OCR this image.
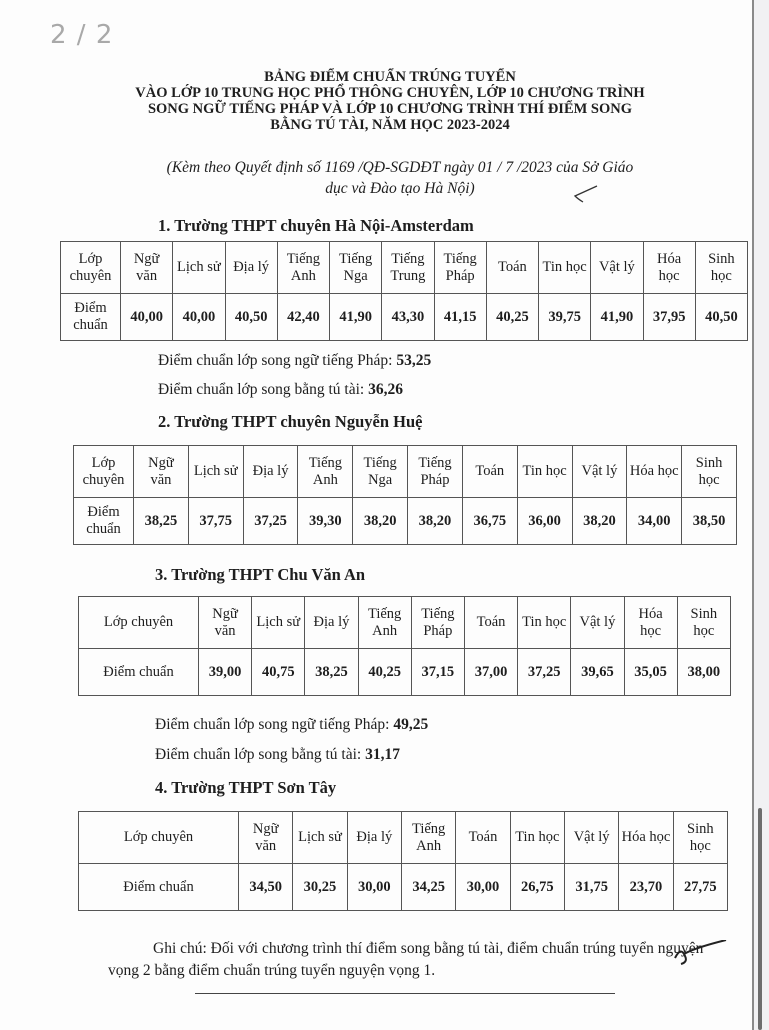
2 / 2
BẢNG ĐIỂM CHUẨN TRÚNG TUYỂN
VÀO LỚP 10 TRUNG HỌC PHỔ THÔNG CHUYÊN, LỚP 10 CHƯƠNG TRÌNH
SONG NGỮ TIẾNG PHÁP VÀ LỚP 10 CHƯƠNG TRÌNH THÍ ĐIỂM SONG
BẰNG TÚ TÀI, NĂM HỌC 2023-2024
(Kèm theo Quyết định số 1169 /QĐ-SGDĐT ngày 01 / 7 /2023 của Sở Giáo
dục và Đào tạo Hà Nội)
1. Trường THPT chuyên Hà Nội-Amsterdam
Lớp chuyên	Ngữ văn	Lịch sử	Địa lý	Tiếng Anh	Tiếng Nga	Tiếng Trung	Tiếng Pháp	Toán	Tin học	Vật lý	Hóa học	Sinh học
Điểm chuẩn	40,00	40,00	40,50	42,40	41,90	43,30	41,15	40,25	39,75	41,90	37,95	40,50
Điểm chuẩn lớp song ngữ tiếng Pháp: 53,25
Điểm chuẩn lớp song bằng tú tài: 36,26
2. Trường THPT chuyên Nguyễn Huệ
Lớp chuyên	Ngữ văn	Lịch sử	Địa lý	Tiếng Anh	Tiếng Nga	Tiếng Pháp	Toán	Tin học	Vật lý	Hóa học	Sinh học
Điểm chuẩn	38,25	37,75	37,25	39,30	38,20	38,20	36,75	36,00	38,20	34,00	38,50
3. Trường THPT Chu Văn An
Lớp chuyên	Ngữ văn	Lịch sử	Địa lý	Tiếng Anh	Tiếng Pháp	Toán	Tin học	Vật lý	Hóa học	Sinh học
Điểm chuẩn	39,00	40,75	38,25	40,25	37,15	37,00	37,25	39,65	35,05	38,00
Điểm chuẩn lớp song ngữ tiếng Pháp: 49,25
Điểm chuẩn lớp song bằng tú tài: 31,17
4. Trường THPT Sơn Tây
Lớp chuyên	Ngữ văn	Lịch sử	Địa lý	Tiếng Anh	Toán	Tin học	Vật lý	Hóa học	Sinh học
Điểm chuẩn	34,50	30,25	30,00	34,25	30,00	26,75	31,75	23,70	27,75
Ghi chú: Đối với chương trình thí điểm song bằng tú tài, điểm chuẩn trúng tuyển nguyện vọng 2 bằng điểm chuẩn trúng tuyển nguyện vọng 1.
